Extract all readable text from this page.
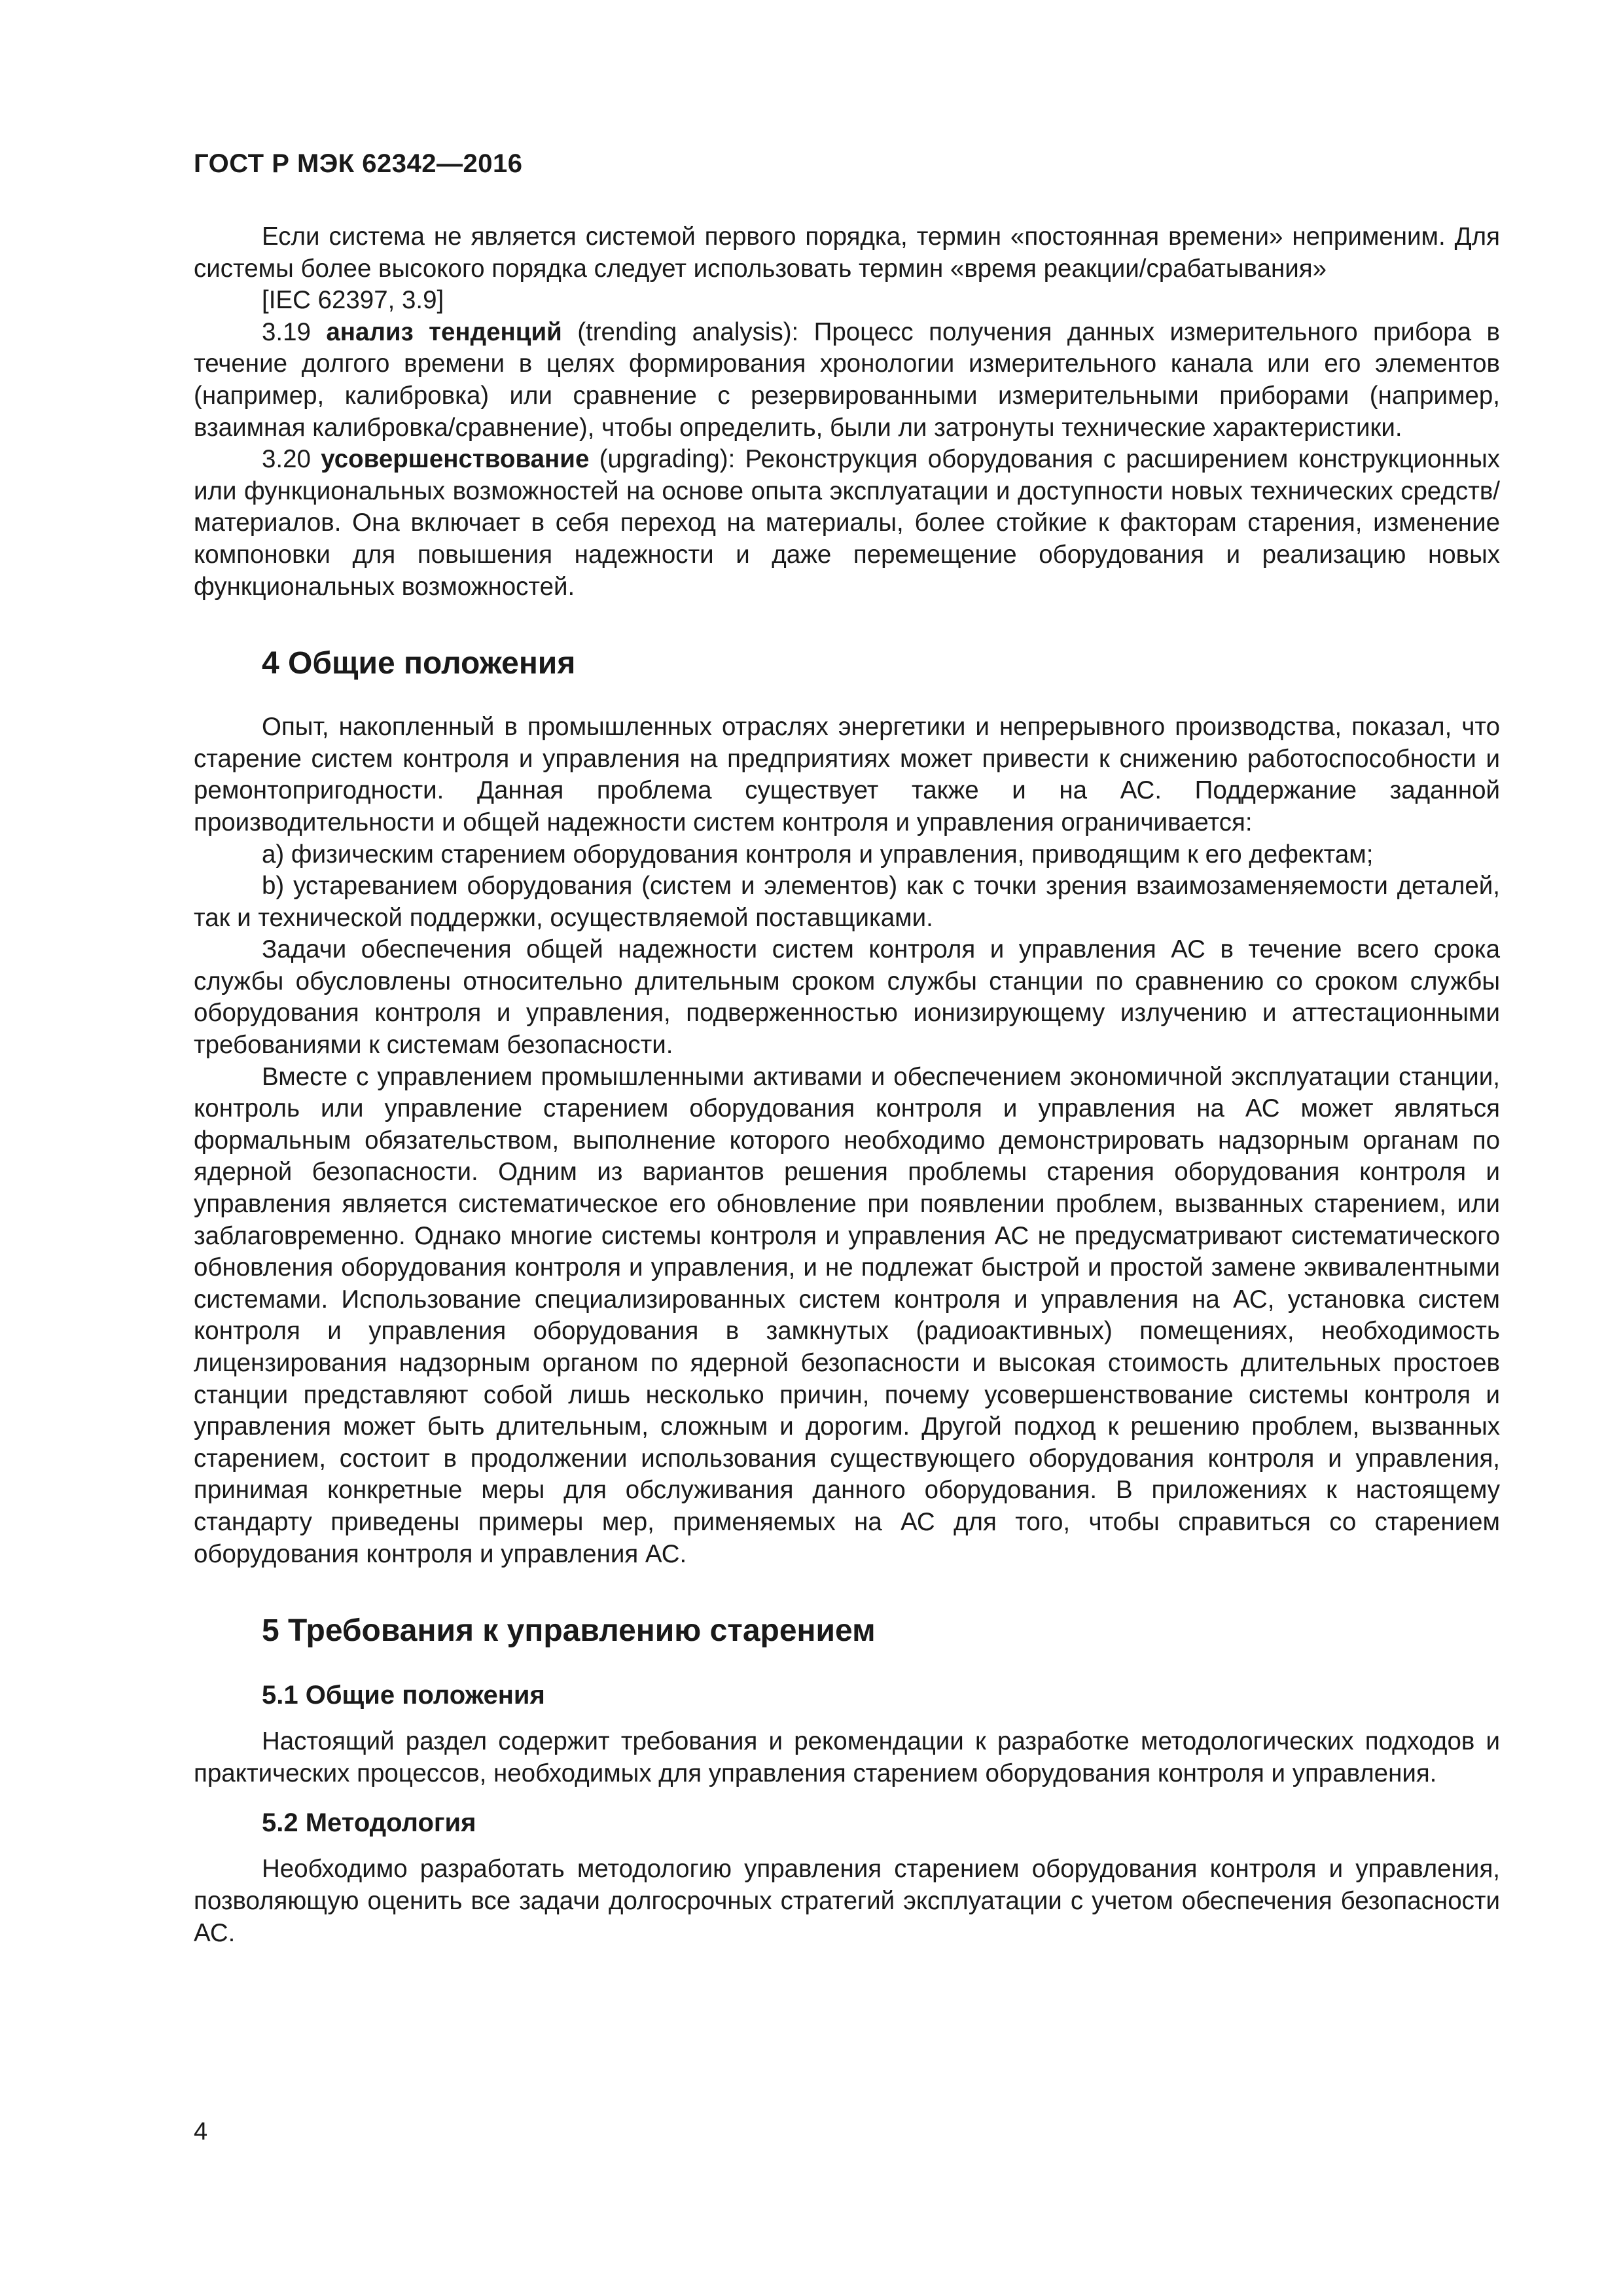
ГОСТ Р МЭК 62342—2016

Если система не является системой первого порядка, термин «постоянная времени» неприменим. Для системы более высокого порядка следует использовать термин «время реакции/срабатывания»

[IEC 62397, 3.9]

3.19 анализ тенденций (trending analysis): Процесс получения данных измерительного прибора в течение долгого времени в целях формирования хронологии измерительного канала или его элементов (например, калибровка) или сравнение с резервированными измерительными приборами (например, взаимная калибровка/сравнение), чтобы определить, были ли затронуты технические характеристики.

3.20 усовершенствование (upgrading): Реконструкция оборудования с расширением конструкционных или функциональных возможностей на основе опыта эксплуатации и доступности новых технических средств/материалов. Она включает в себя переход на материалы, более стойкие к факторам старения, изменение компоновки для повышения надежности и даже перемещение оборудования и реализацию новых функциональных возможностей.

4 Общие положения

Опыт, накопленный в промышленных отраслях энергетики и непрерывного производства, показал, что старение систем контроля и управления на предприятиях может привести к снижению работоспособности и ремонтопригодности. Данная проблема существует также и на АС. Поддержание заданной производительности и общей надежности систем контроля и управления ограничивается:

a) физическим старением оборудования контроля и управления, приводящим к его дефектам;

b) устареванием оборудования (систем и элементов) как с точки зрения взаимозаменяемости деталей, так и технической поддержки, осуществляемой поставщиками.

Задачи обеспечения общей надежности систем контроля и управления АС в течение всего срока службы обусловлены относительно длительным сроком службы станции по сравнению со сроком службы оборудования контроля и управления, подверженностью ионизирующему излучению и аттестационными требованиями к системам безопасности.

Вместе с управлением промышленными активами и обеспечением экономичной эксплуатации станции, контроль или управление старением оборудования контроля и управления на АС может являться формальным обязательством, выполнение которого необходимо демонстрировать надзорным органам по ядерной безопасности. Одним из вариантов решения проблемы старения оборудования контроля и управления является систематическое его обновление при появлении проблем, вызванных старением, или заблаговременно. Однако многие системы контроля и управления АС не предусматривают систематического обновления оборудования контроля и управления, и не подлежат быстрой и простой замене эквивалентными системами. Использование специализированных систем контроля и управления на АС, установка систем контроля и управления оборудования в замкнутых (радиоактивных) помещениях, необходимость лицензирования надзорным органом по ядерной безопасности и высокая стоимость длительных простоев станции представляют собой лишь несколько причин, почему усовершенствование системы контроля и управления может быть длительным, сложным и дорогим. Другой подход к решению проблем, вызванных старением, состоит в продолжении использования существующего оборудования контроля и управления, принимая конкретные меры для обслуживания данного оборудования. В приложениях к настоящему стандарту приведены примеры мер, применяемых на АС для того, чтобы справиться со старением оборудования контроля и управления АС.

5 Требования к управлению старением
5.1 Общие положения

Настоящий раздел содержит требования и рекомендации к разработке методологических подходов и практических процессов, необходимых для управления старением оборудования контроля и управления.

5.2 Методология

Необходимо разработать методологию управления старением оборудования контроля и управления, позволяющую оценить все задачи долгосрочных стратегий эксплуатации с учетом обеспечения безопасности АС.

4
